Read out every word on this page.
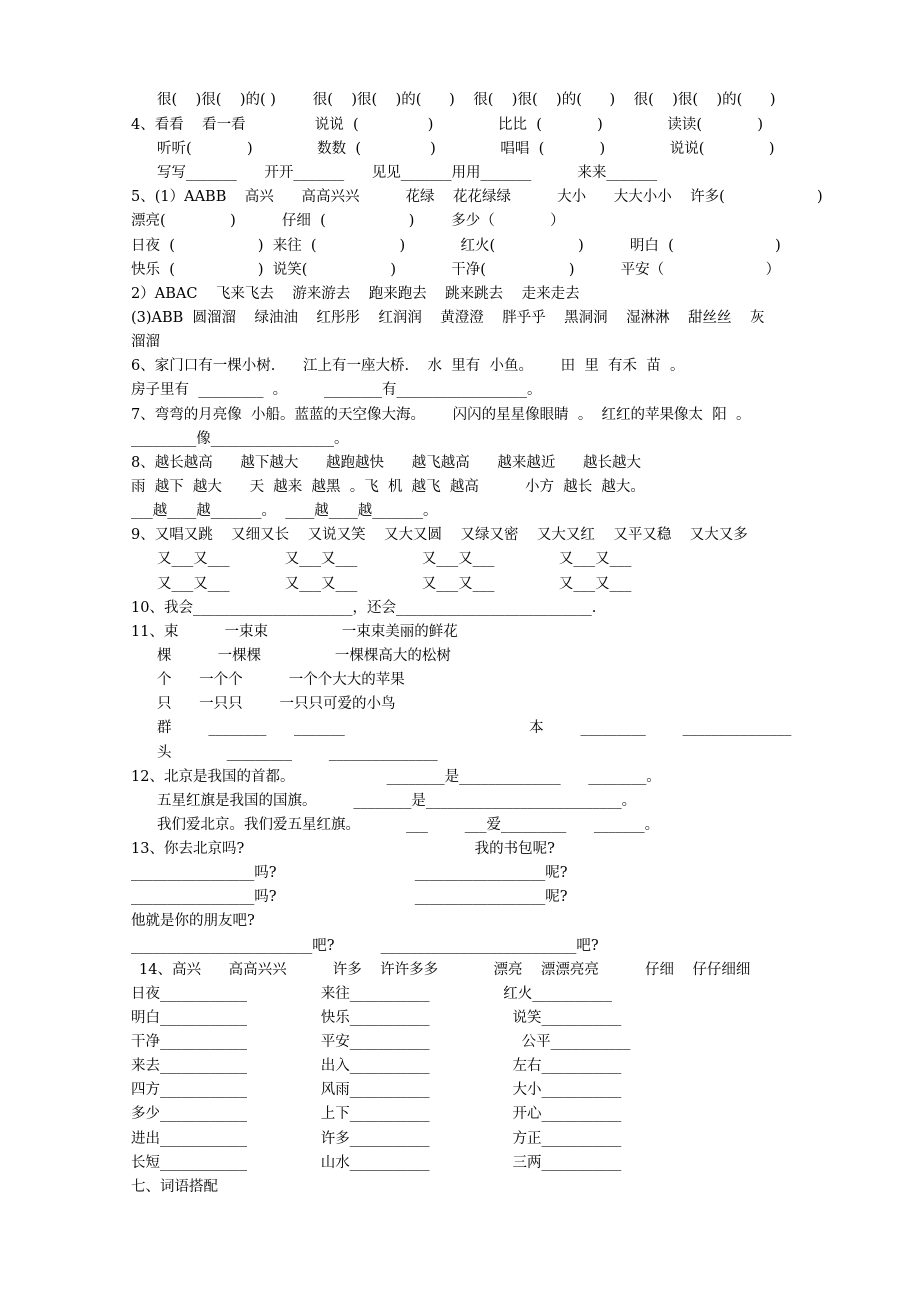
很(    )很(    )的( )        很(    )很(    )的(      )    很(    )很(    )的(      )    很(    )很(    )的(      )
4、看看    看一看               说说  (               )              比比  (            )              读读(            )
听听(            )              数数  (               )              唱唱  (            )              说说(              )
写写_______      开开_______      见见_______用用_______          来来_______
5、(1）AABB    高兴      高高兴兴          花绿    花花绿绿          大小      大大小小    许多(                    )
漂亮(              )          仔细  (                  )        多少（            ）
日夜  (                  )  来往  (                  )            红火(                  )          明白  (                      )
快乐  (                  )  说笑(                  )            干净(                  )          平安（                      ）
2）ABAC    飞来飞去    游来游去    跑来跑去    跳来跳去    走来走去
(3)ABB  圆溜溜    绿油油    红彤彤    红润润    黄澄澄    胖乎乎    黑洞洞    湿淋淋    甜丝丝    灰
溜溜
6、家门口有一棵小树.      江上有一座大桥.    水  里有  小鱼。      田  里  有禾  苗  。
房子里有  _________  。        ________有__________________。
7、弯弯的月亮像  小船。蓝蓝的天空像大海。      闪闪的星星像眼睛  。  红红的苹果像太  阳  。
_________像_________________。
8、越长越高      越下越大      越跑越快      越飞越高      越来越近      越长越大
雨  越下  越大      天  越来  越黑  。飞  机  越飞  越高          小方  越长  越大。
___越____越_______。  ____越____越_______。
9、又唱又跳    又细又长    又说又笑    又大又圆    又绿又密    又大又红    又平又稳    又大又多
又___又___            又___又___              又___又___              又___又___
又___又___            又___又___              又___又___              又___又___
10、我会______________________，还会___________________________.
11、束          一束束                一束束美丽的鲜花
棵          一棵棵                一棵棵高大的松树
个      一个个          一个个大大的苹果
只      一只只        一只只可爱的小鸟
群        ________      _______                                        本        _________        _______________
头            _________        _______________
12、北京是我国的首都。                    ________是______________      ________。
五星红旗是我国的国旗。        ________是___________________________。
我们爱北京。我们爱五星红旗。          ___        ___爱_________      _______。
13、你去北京吗?                                                  我的书包呢?
_________________吗?                              __________________呢?
_________________吗?                              __________________呢?
他就是你的朋友吧?
_________________________吧?          ___________________________吧?
14、高兴      高高兴兴          许多    许许多多            漂亮    漂漂亮亮          仔细    仔仔细细
日夜____________                来往___________                红火___________
明白____________                快乐___________                  说笑___________
干净____________                平安___________                    公平___________
来去____________                出入___________                  左右___________
四方____________                风雨___________                  大小___________
多少____________                上下___________                  开心___________
进出____________                许多___________                  方正___________
长短____________                山水___________                  三两___________
七、词语搭配
